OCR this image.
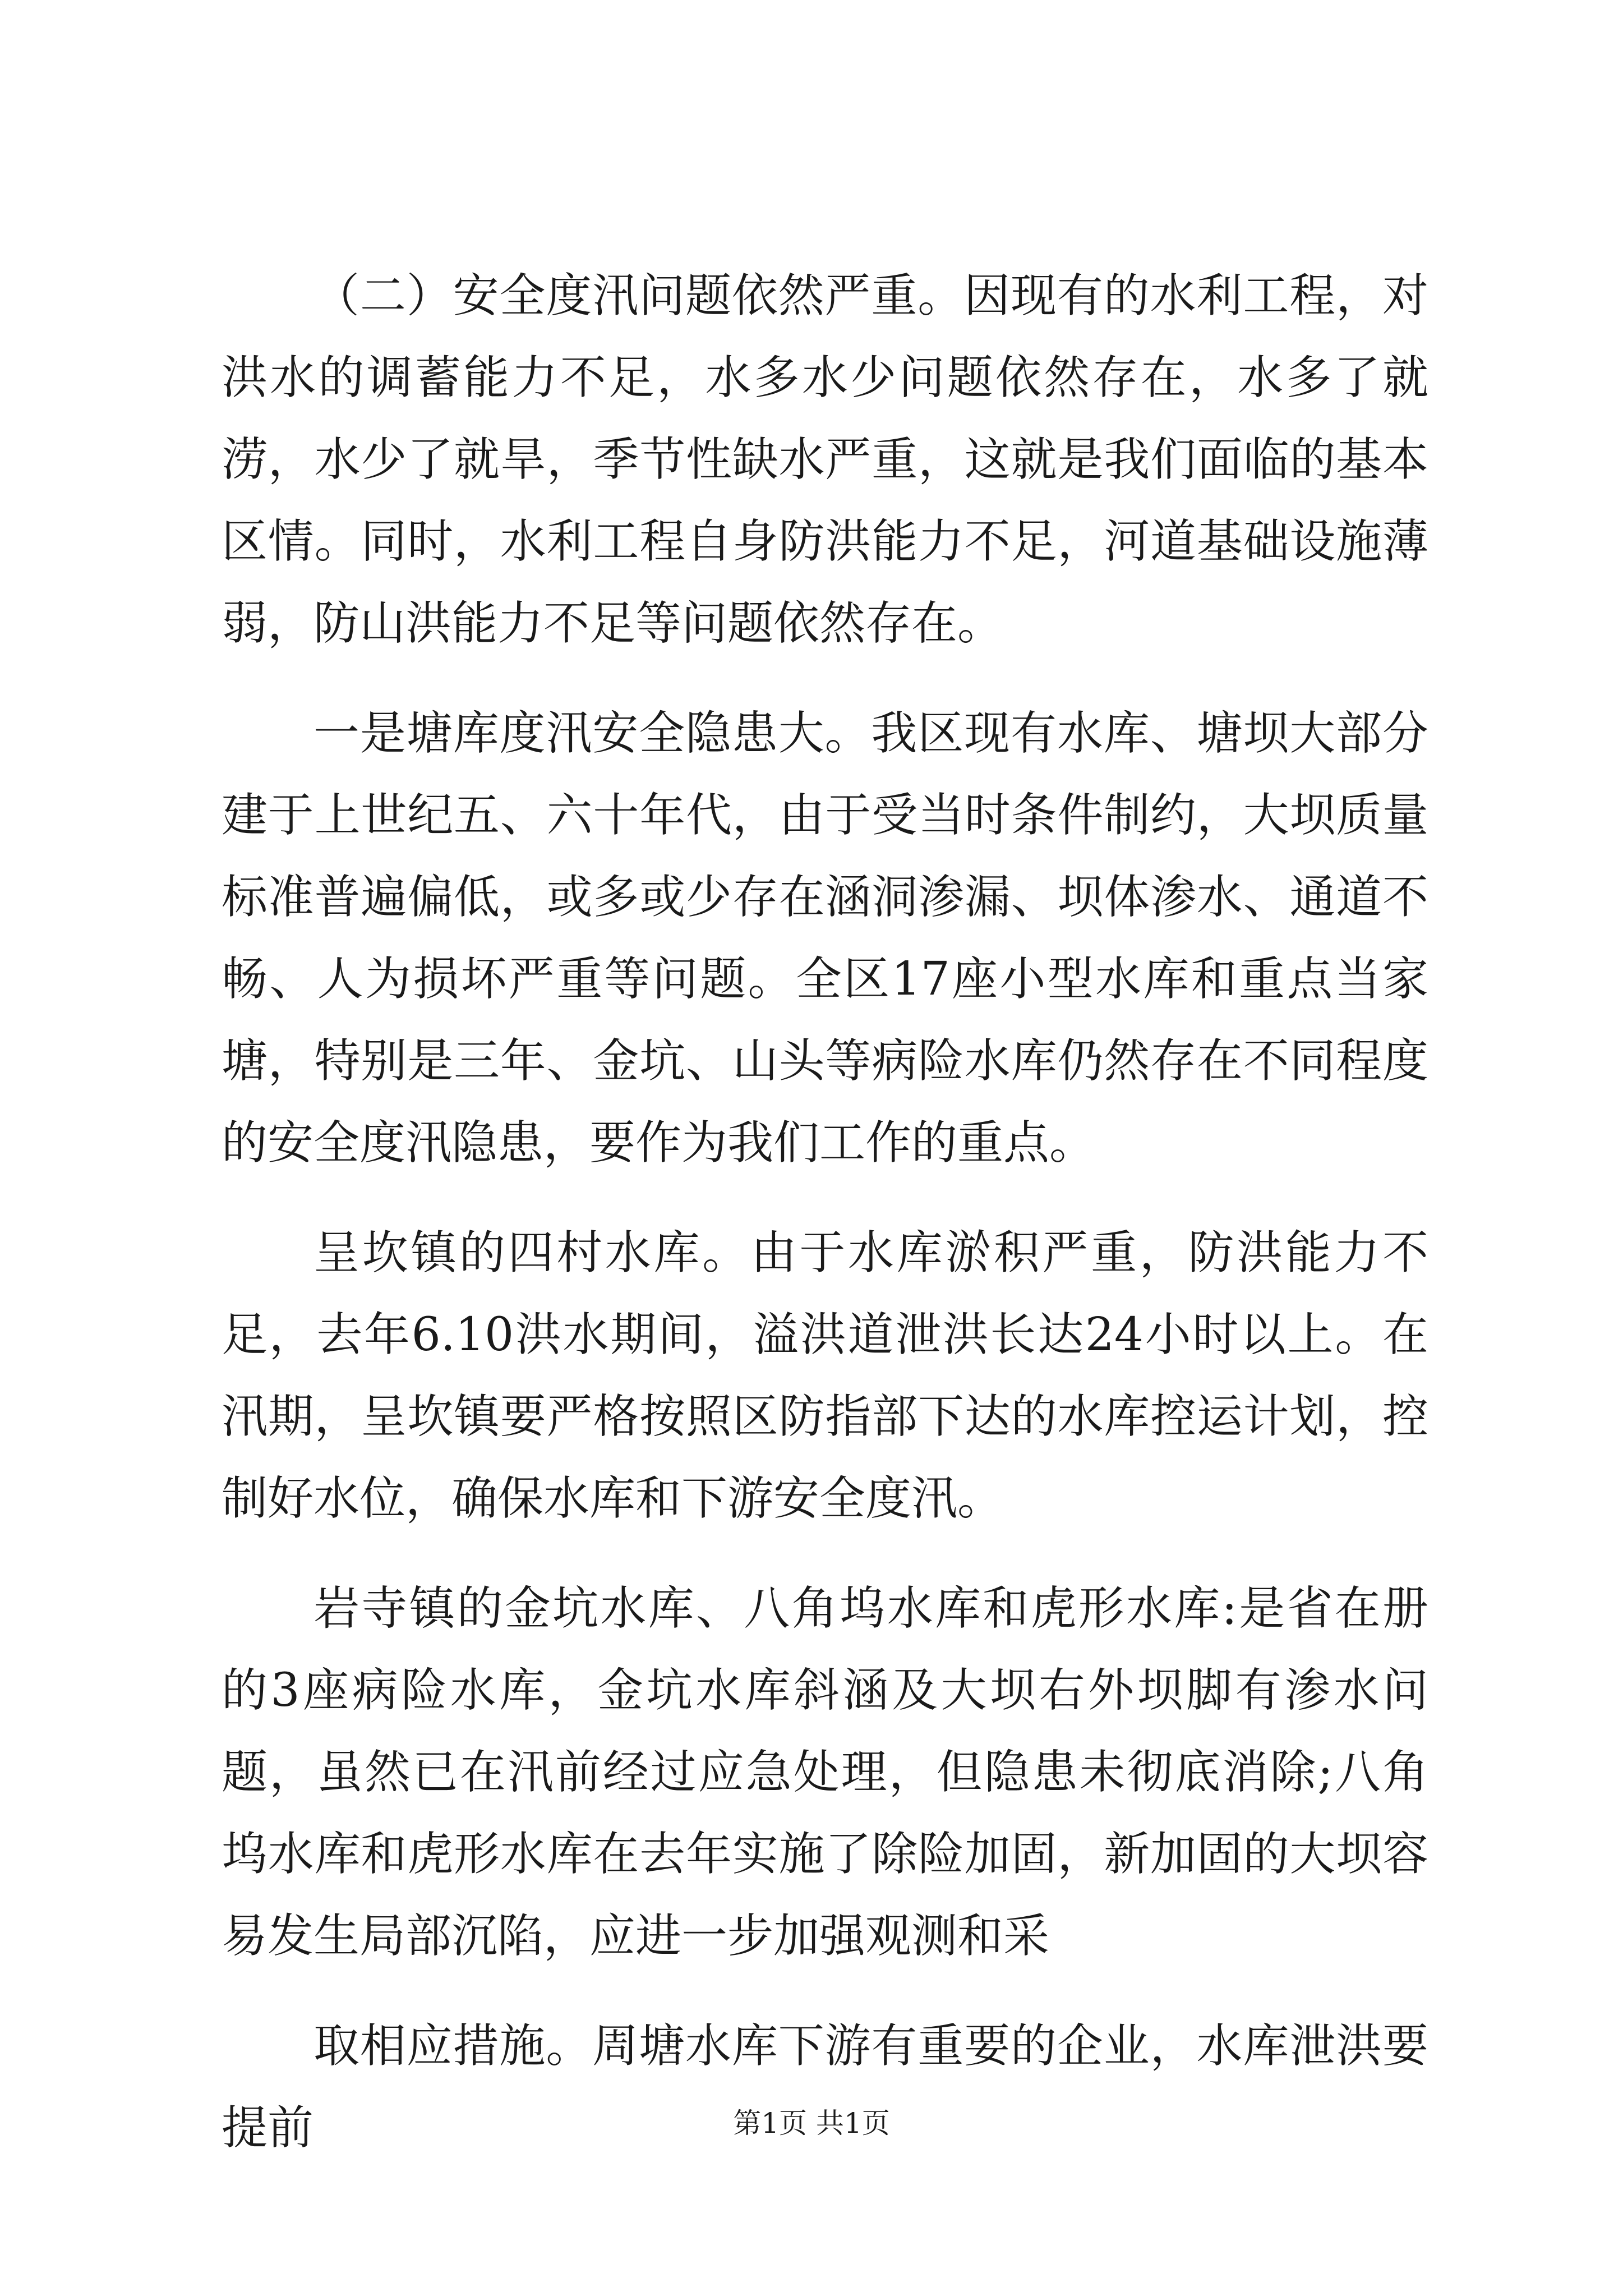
（二）安全度汛问题依然严重。因现有的水利工程，对洪水的调蓄能力不足，水多水少问题依然存在，水多了就涝，水少了就旱，季节性缺水严重，这就是我们面临的基本区情。同时，水利工程自身防洪能力不足，河道基础设施薄弱，防山洪能力不足等问题依然存在。

一是塘库度汛安全隐患大。我区现有水库、塘坝大部分建于上世纪五、六十年代，由于受当时条件制约，大坝质量标准普遍偏低，或多或少存在涵洞渗漏、坝体渗水、通道不畅、人为损坏严重等问题。全区17座小型水库和重点当家塘，特别是三年、金坑、山头等病险水库仍然存在不同程度的安全度汛隐患，要作为我们工作的重点。

呈坎镇的四村水库。由于水库淤积严重，防洪能力不足，去年6.10洪水期间，溢洪道泄洪长达24小时以上。在汛期，呈坎镇要严格按照区防指部下达的水库控运计划，控制好水位，确保水库和下游安全度汛。

岩寺镇的金坑水库、八角坞水库和虎形水库:是省在册的3座病险水库，金坑水库斜涵及大坝右外坝脚有渗水问题，虽然已在汛前经过应急处理，但隐患未彻底消除;八角坞水库和虎形水库在去年实施了除险加固，新加固的大坝容易发生局部沉陷，应进一步加强观测和采

取相应措施。周塘水库下游有重要的企业，水库泄洪要提前	第1页 共1页
